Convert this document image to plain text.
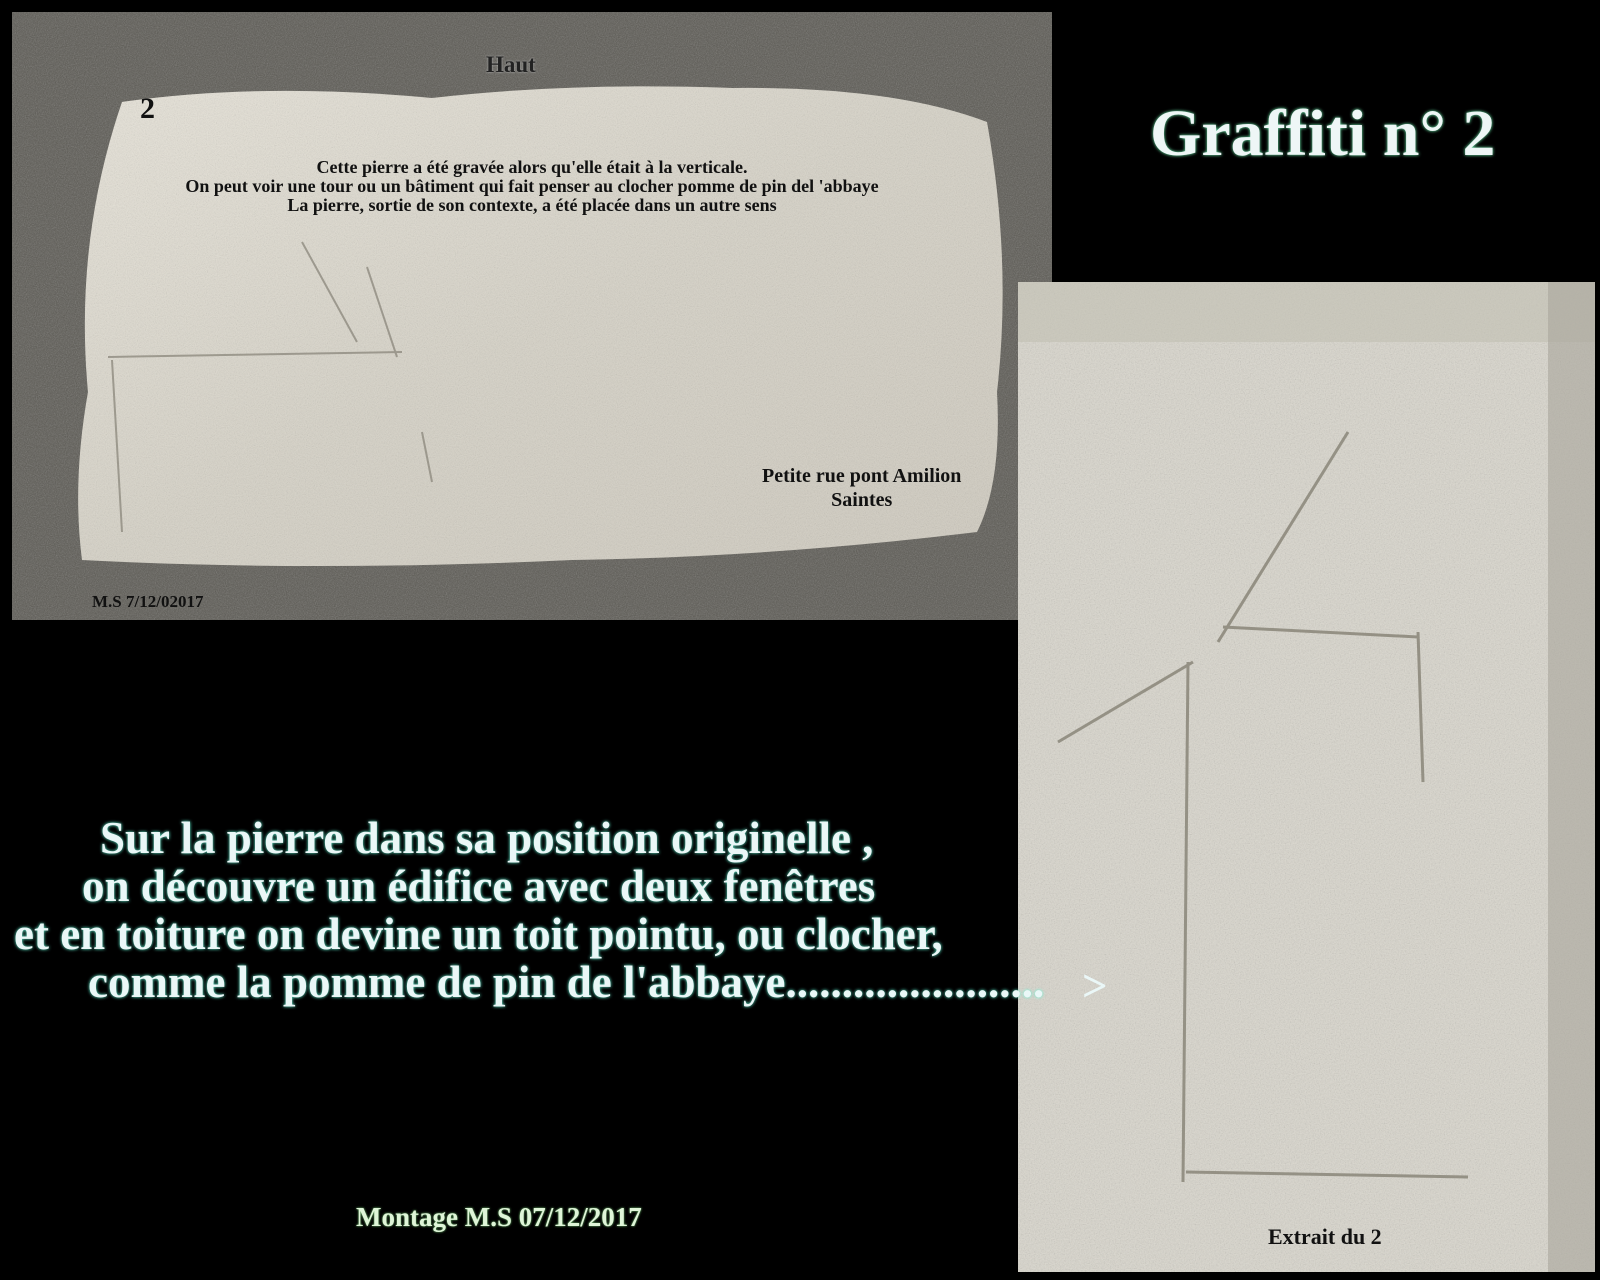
Haut
2
Cette pierre a été gravée alors qu'elle était à la verticale.
On peut voir une tour ou un bâtiment qui fait penser au clocher pomme de pin del 'abbaye
La pierre, sortie de son contexte, a été placée dans un autre sens
Petite rue pont Amilion
Saintes
M.S 7/12/02017
Graffiti n° 2
Extrait du 2
Sur la pierre dans sa position originelle ,
on découvre un édifice avec deux fenêtres
et en toiture on devine un toit pointu, ou clocher,
comme la pomme de pin de l'abbaye....................... >
Montage M.S 07/12/2017
